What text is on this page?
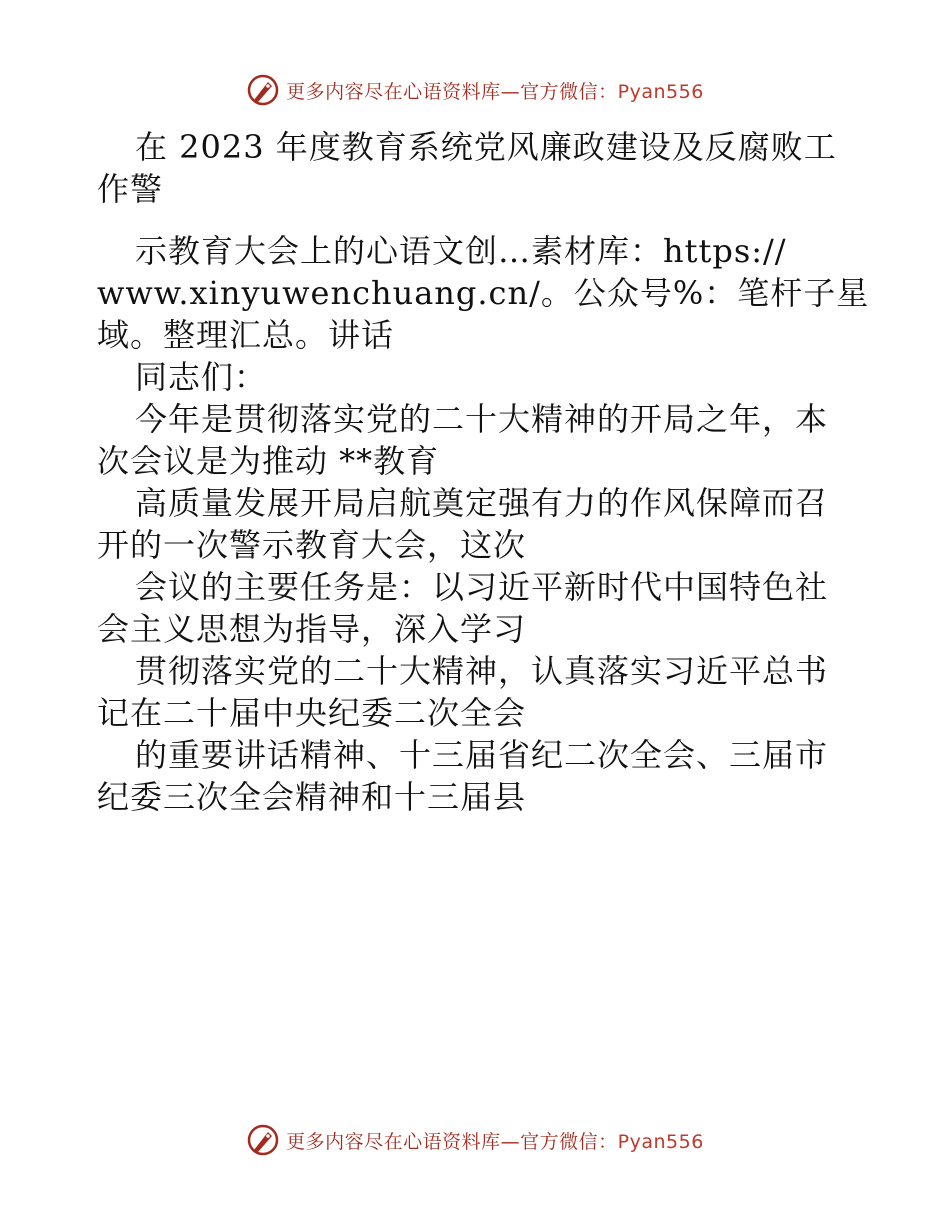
更多内容尽在心语资料库—官方微信：Pyan556
在 2023 年度教育系统党风廉政建设及反腐败工
作警
示教育大会上的心语文创…素材库：https://
www.xinyuwenchuang.cn/。公众号%：笔杆子星
域。整理汇总。讲话
同志们：
今年是贯彻落实党的二十大精神的开局之年，本
次会议是为推动 **教育
高质量发展开局启航奠定强有力的作风保障而召
开的一次警示教育大会，这次
会议的主要任务是：以习近平新时代中国特色社
会主义思想为指导，深入学习
贯彻落实党的二十大精神，认真落实习近平总书
记在二十届中央纪委二次全会
的重要讲话精神、十三届省纪二次全会、三届市
纪委三次全会精神和十三届县
更多内容尽在心语资料库—官方微信：Pyan556
